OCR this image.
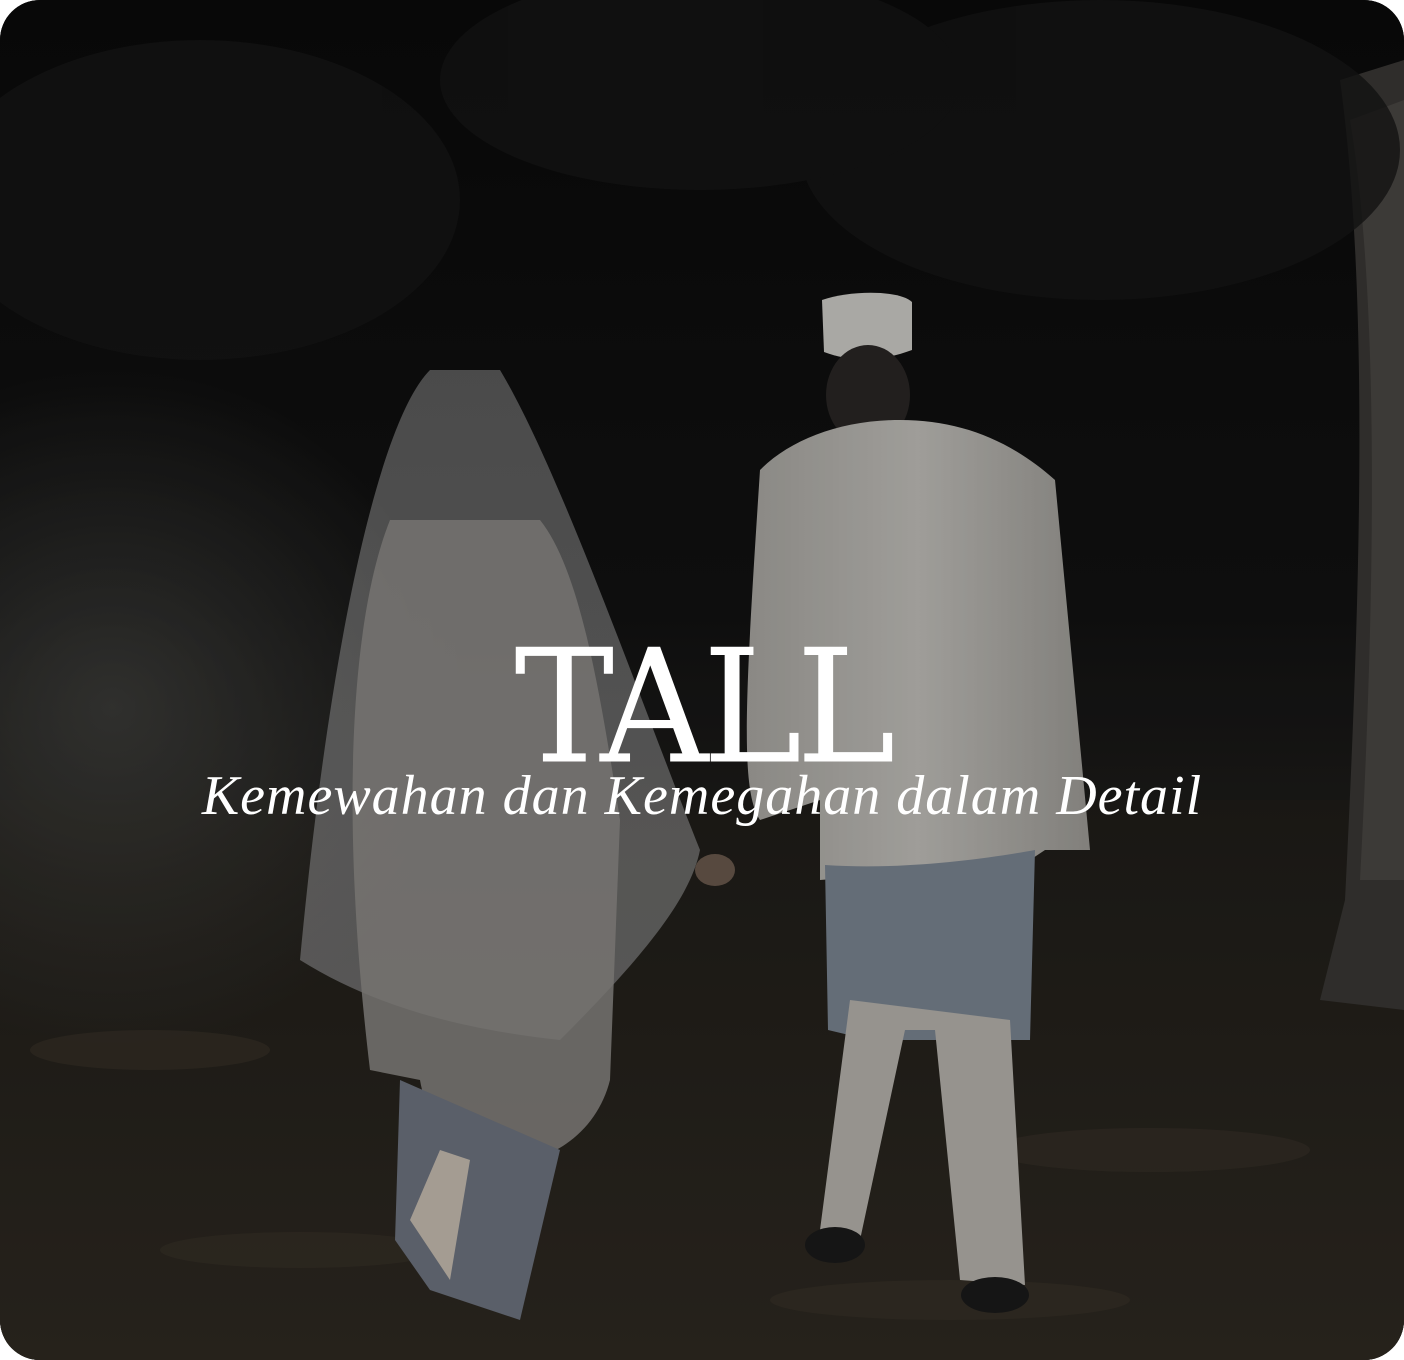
TALL

Kemewahan dan Kemegahan dalam Detail
